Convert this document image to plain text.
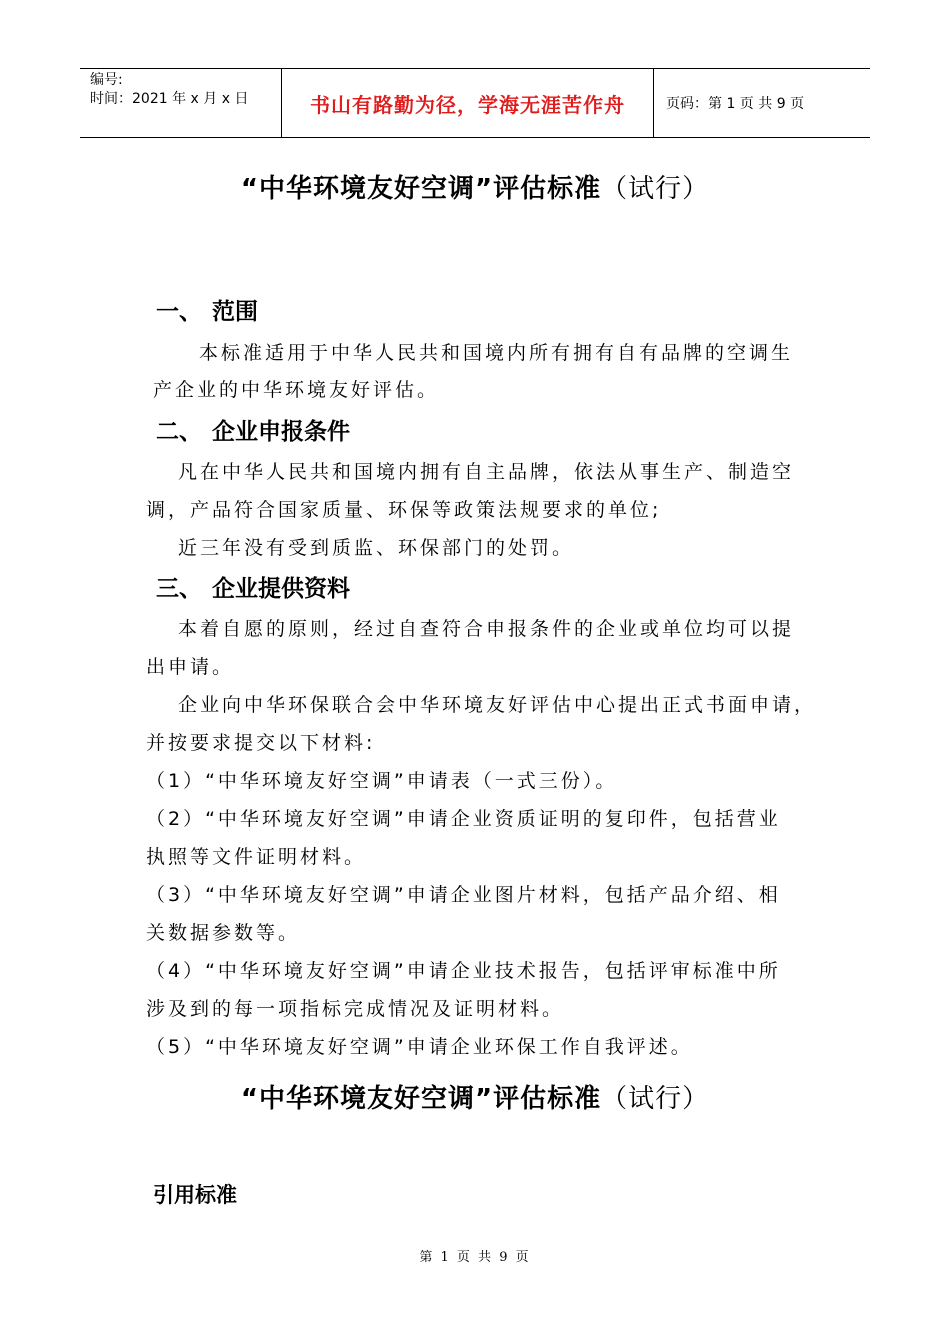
编号:
时间：2021 年 x 月 x 日	书山有路勤为径，学海无涯苦作舟	页码：第 1 页 共 9 页
“中华环境友好空调”评估标准（试行）
一、 范围
本标准适用于中华人民共和国境内所有拥有自有品牌的空调生
产企业的中华环境友好评估。
二、 企业申报条件
凡在中华人民共和国境内拥有自主品牌，依法从事生产、制造空
调，产品符合国家质量、环保等政策法规要求的单位;
近三年没有受到质监、环保部门的处罚。
三、 企业提供资料
本着自愿的原则，经过自查符合申报条件的企业或单位均可以提
出申请。
企业向中华环保联合会中华环境友好评估中心提出正式书面申请，
并按要求提交以下材料:
（1）“中华环境友好空调”申请表（一式三份）。
（2）“中华环境友好空调”申请企业资质证明的复印件，包括营业
执照等文件证明材料。
（3）“中华环境友好空调”申请企业图片材料，包括产品介绍、相
关数据参数等。
（4）“中华环境友好空调”申请企业技术报告，包括评审标准中所
涉及到的每一项指标完成情况及证明材料。
（5）“中华环境友好空调”申请企业环保工作自我评述。
“中华环境友好空调”评估标准（试行）
引用标准
第 1 页 共 9 页
